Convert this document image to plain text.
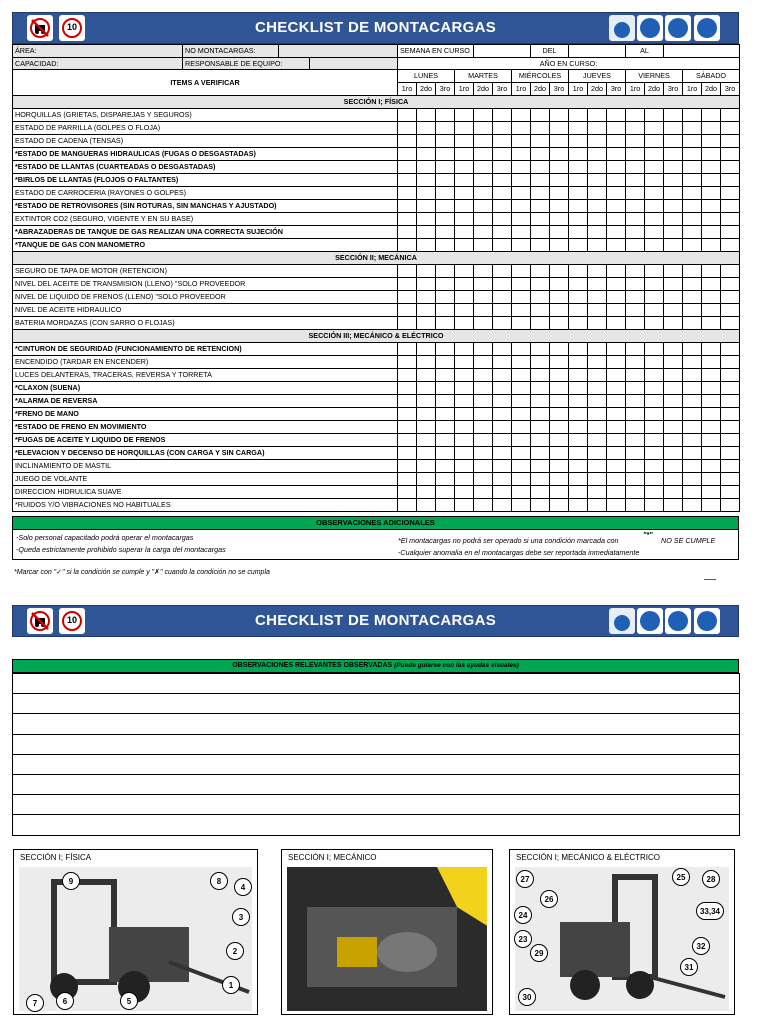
10	CHECKLIST DE MONTACARGAS
ÁREA:	NO MONTACARGAS:			SEMANA EN CURSO		DEL		AL	
CAPACIDAD:	RESPONSABLE DE EQUIPO:			AÑO EN CURSO:					
ITEMS A VERIFICAR	LUNES			MARTES			MIÉRCOLES			JUEVES			VIERNES			SÁBADO		
	1ro	2do	3ro	1ro	2do	3ro	1ro	2do	3ro	1ro	2do	3ro	1ro	2do	3ro	1ro	2do	3ro
SECCIÓN I; FÍSICA																		
HORQUILLAS (GRIETAS, DISPAREJAS Y SEGUROS)																		
ESTADO DE PARRILLA (GOLPES O FLOJA)																		
ESTADO DE CADENA (TENSAS)																		
*ESTADO DE MANGUERAS HIDRAULICAS (FUGAS O DESGASTADAS)																		
*ESTADO DE LLANTAS (CUARTEADAS O DESGASTADAS)																		
*BIRLOS DE LLANTAS (FLOJOS O FALTANTES)																		
ESTADO DE CARROCERIA (RAYONES O GOLPES)																		
*ESTADO DE RETROVISORES (SIN ROTURAS, SIN MANCHAS Y AJUSTADO)																		
EXTINTOR CO2 (SEGURO, VIGENTE Y EN SU BASE)																		
*ABRAZADERAS DE TANQUE DE GAS REALIZAN UNA CORRECTA SUJECIÓN																		
*TANQUE DE GAS CON MANOMETRO																		
SECCIÓN II; MECÁNICA																		
SEGURO DE TAPA DE MOTOR (RETENCION)																		
NIVEL DEL ACEITE DE TRANSMISION (LLENO) "SOLO PROVEEDOR																		
NIVEL DE LIQUIDO DE FRENOS (LLENO) "SOLO PROVEEDOR																		
NIVEL DE ACEITE HIDRAULICO																		
BATERIA MORDAZAS (CON SARRO O FLOJAS)																		
SECCIÓN III; MECÁNICO & ELÉCTRICO																		
*CINTURON DE SEGURIDAD (FUNCIONAMIENTO DE RETENCION)																		
ENCENDIDO (TARDAR EN ENCENDER)																		
LUCES DELANTERAS, TRACERAS, REVERSA Y TORRETA																		
*CLAXON (SUENA)																		
*ALARMA DE REVERSA																		
*FRENO DE MANO																		
*ESTADO DE FRENO EN MOVIMIENTO																		
*FUGAS DE ACEITE Y LIQUIDO DE FRENOS																		
*ELEVACION Y DECENSO DE HORQUILLAS (CON CARGA Y SIN CARGA)																		
INCLINAMIENTO DE MASTIL																		
JUEGO DE VOLANTE																		
DIRECCION HIDRULICA SUAVE																		
*RUIDOS Y/O VIBRACIONES NO HABITUALES																		
OBSERVACIONES ADICIONALES
-Solo personal capacitado podrá operar el montacargas
-Queda estrictamente prohibido superar la carga del montacargas
*El montacargas no podrá ser operado si una condición marcada con
"*"
NO SE CUMPLE
-Cualquier anomalia en el montacargas debe ser reportada inmediatamente
*Marcar con "✓" si la condición se cumple y "✗" cuando la condición no se cumpla
10	CHECKLIST DE MONTACARGAS
OBSERVACIONES RELEVANTES OBSERVADAS (Puede guiarse con las ayudas visuales)

SECCIÓN I; FÍSICA
9	8
4
3
2
1
7	6	5
SECCIÓN I; MECÁNICO	SECCIÓN I; MECÁNICO & ELÉCTRICO
27	25	28
26
33,34
24
23
32
29
31
30
